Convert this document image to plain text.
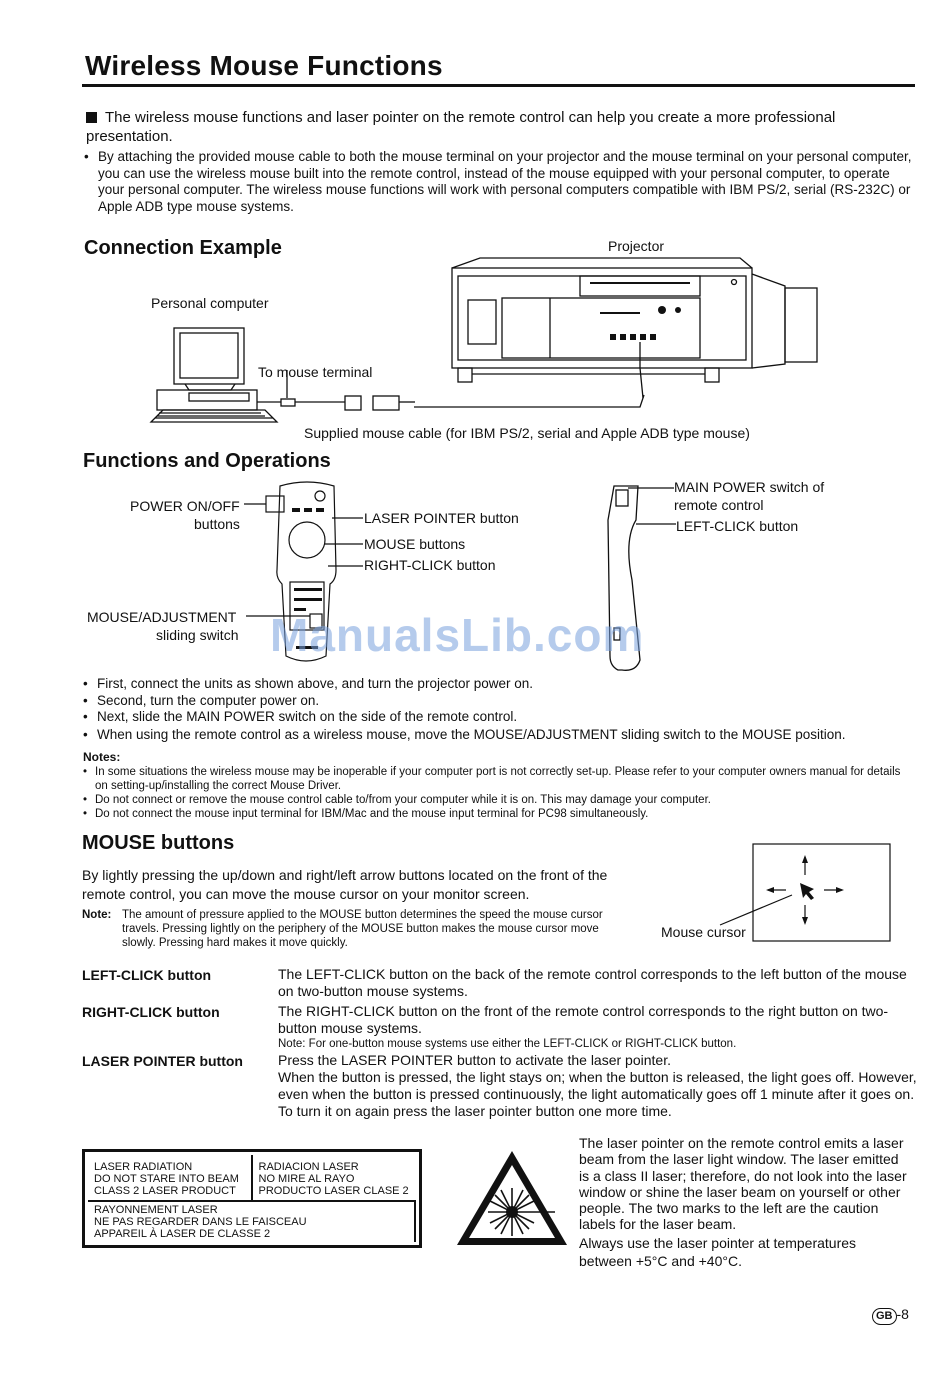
Wireless Mouse Functions
The wireless mouse functions and laser pointer on the remote control can help you create a more professional presentation.
• By attaching the provided mouse cable to both the mouse terminal on your projector and the mouse terminal on your personal computer, you can use the wireless mouse built into the remote control, instead of the mouse equipped with your personal computer, to operate your personal computer. The wireless mouse functions will work with personal computers compatible with IBM PS/2, serial (RS-232C) or Apple ADB type mouse systems.
Connection Example	Projector
Personal computer
To mouse terminal
Supplied mouse cable (for IBM PS/2, serial and Apple ADB type mouse)
Functions and Operations
POWER ON/OFF
buttons	LASER POINTER button
MOUSE buttons
RIGHT-CLICK button
MOUSE/ADJUSTMENT
sliding switch
MAIN POWER switch of
remote control
LEFT-CLICK button
ManualsLib.com
• First, connect the units as shown above, and turn the projector power on.
• Second, turn the computer power on.
• Next, slide the MAIN POWER switch on the side of the remote control.
• When using the remote control as a wireless mouse, move the MOUSE/ADJUSTMENT sliding switch to the MOUSE position.
Notes:
• In some situations the wireless mouse may be inoperable if your computer port is not correctly set-up. Please refer to your computer owners manual for details on setting-up/installing the correct Mouse Driver.
• Do not connect or remove the mouse control cable to/from your computer while it is on. This may damage your computer.
• Do not connect the mouse input terminal for IBM/Mac and the mouse input terminal for PC98 simultaneously.
MOUSE buttons
By lightly pressing the up/down and right/left arrow buttons located on the front of the remote control, you can move the mouse cursor on your monitor screen.
Note: The amount of pressure applied to the MOUSE button determines the speed the mouse cursor travels. Pressing lightly on the periphery of the MOUSE button makes the mouse cursor move slowly. Pressing hard makes it move quickly.
Mouse cursor
LEFT-CLICK button	The LEFT-CLICK button on the back of the remote control corresponds to the left button of the mouse on two-button mouse systems.
RIGHT-CLICK button	The RIGHT-CLICK button on the front of the remote control corresponds to the right button on two-button mouse systems.
Note: For one-button mouse systems use either the LEFT-CLICK or RIGHT-CLICK button.
LASER POINTER button	Press the LASER POINTER button to activate the laser pointer.
When the button is pressed, the light stays on; when the button is released, the light goes off. However, even when the button is pressed continuously, the light automatically goes off 1 minute after it goes on. To turn it on again press the laser pointer button one more time.
LASER RADIATION
DO NOT STARE INTO BEAM
CLASS 2 LASER PRODUCT

RADIACION LASER
NO MIRE AL RAYO
PRODUCTO LASER CLASE 2

RAYONNEMENT LASER
NE PAS REGARDER DANS LE FAISCEAU
APPAREIL À LASER DE CLASSE 2
The laser pointer on the remote control emits a laser beam from the laser light window. The laser emitted is a class II laser; therefore, do not look into the laser window or shine the laser beam on yourself or other people. The two marks to the left are the caution labels for the laser beam.
Always use the laser pointer at temperatures between +5°C and +40°C.
GB -8
